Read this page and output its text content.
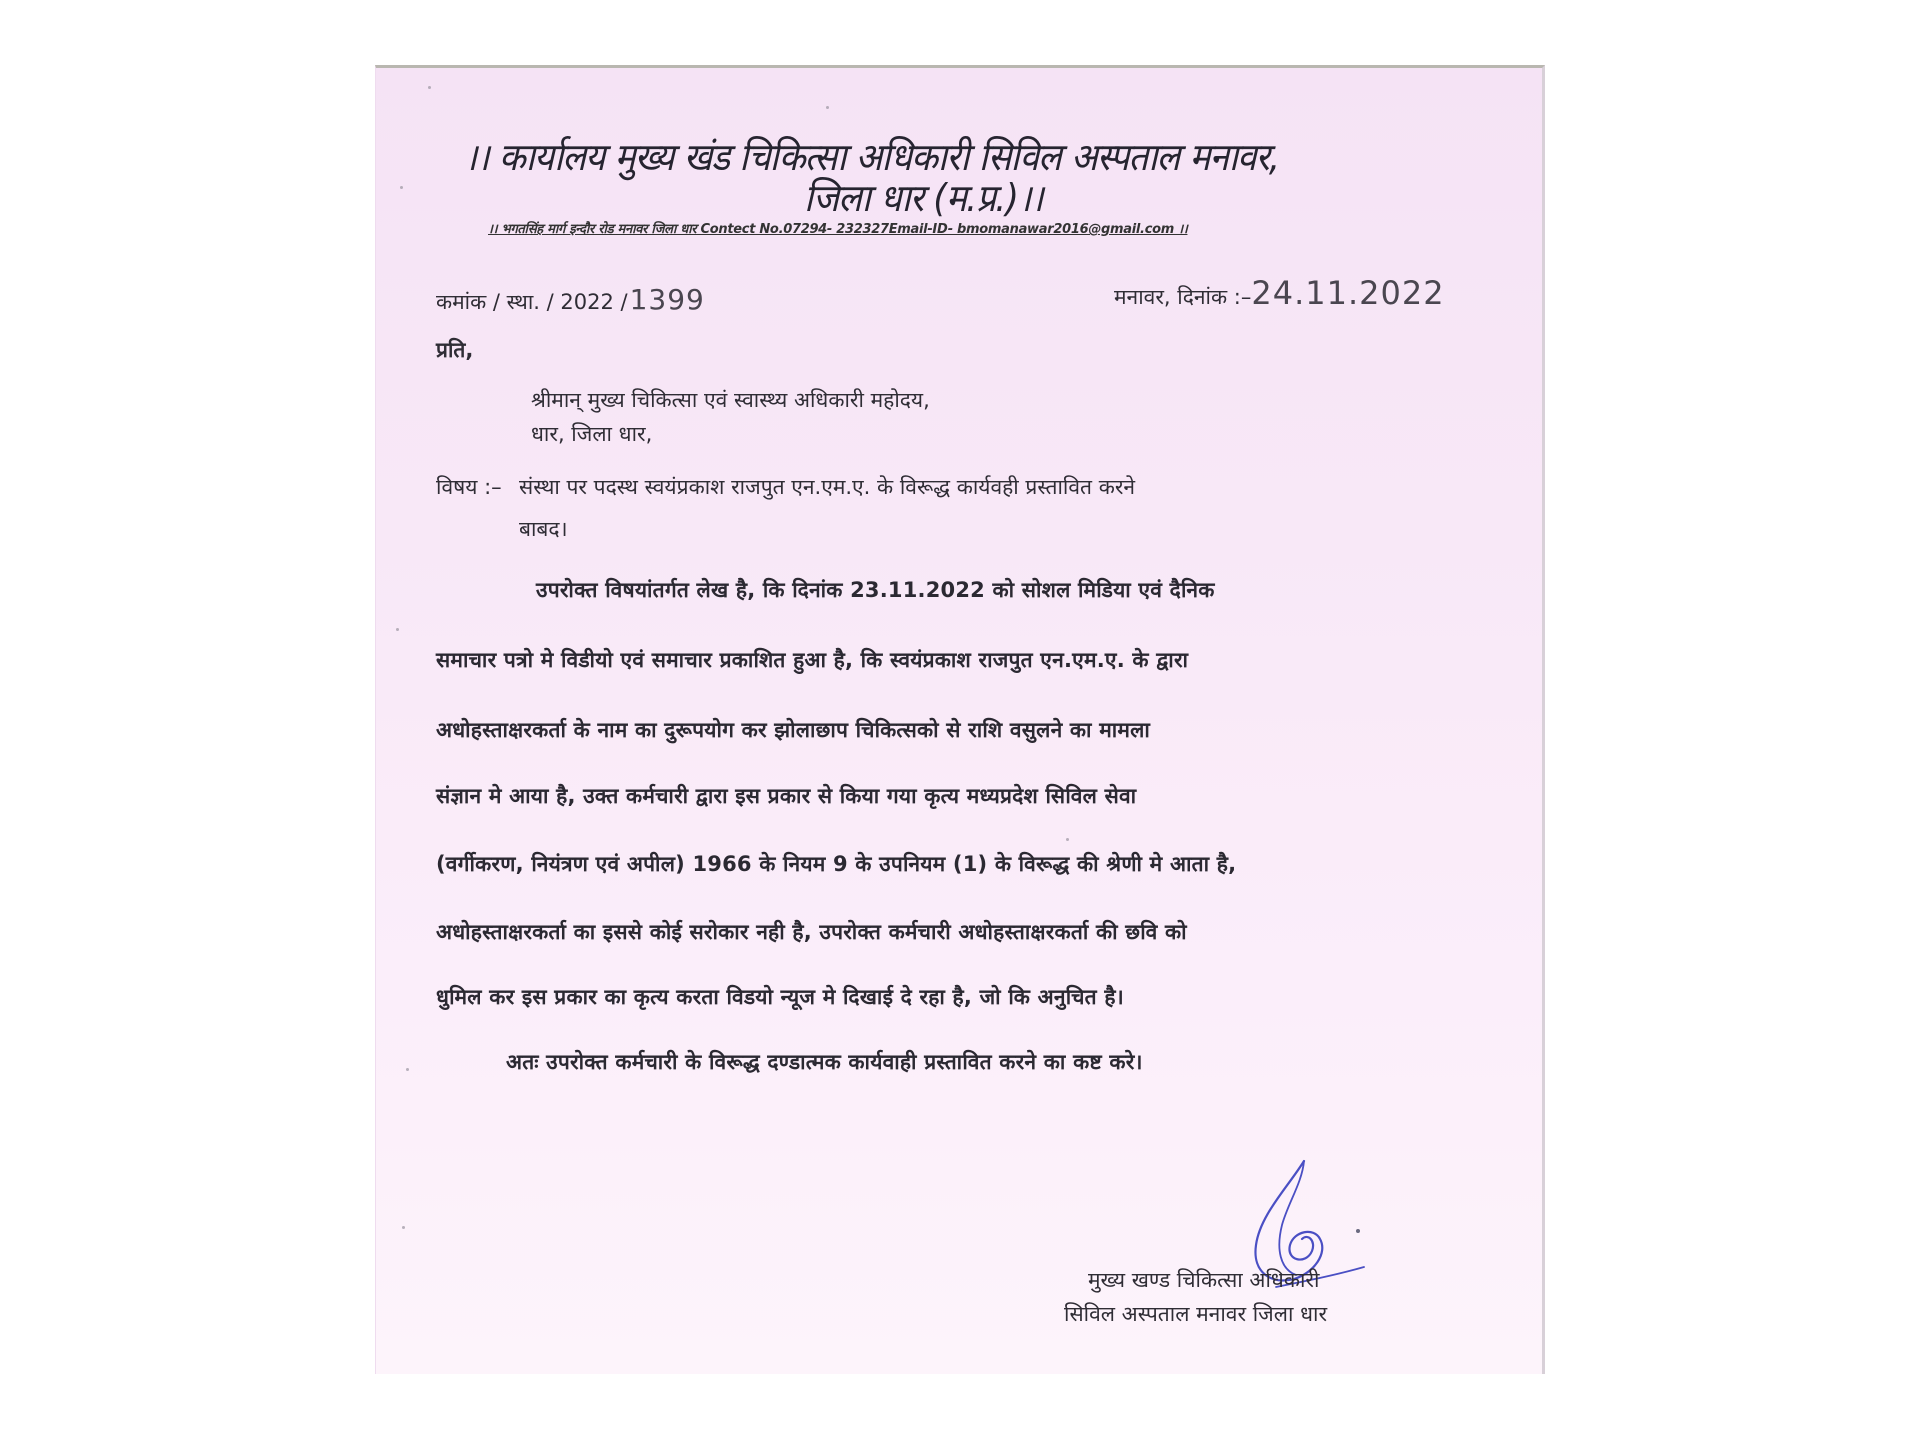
।। कार्यालय मुख्य खंड चिकित्सा अधिकारी सिविल अस्पताल मनावर,
जिला धार (म.प्र.)।।
।। भगतसिंह मार्ग इन्दौर रोड मनावर जिला धार Contect No.07294- 232327Email-ID- bmomanawar2016@gmail.com ।।
कमांक / स्था. / 2022 /1399	मनावर, दिनांक :–24.11.2022
प्रति,
श्रीमान् मुख्य चिकित्सा एवं स्वास्थ्य अधिकारी महोदय,
धार, जिला धार,
विषय :– संस्था पर पदस्थ स्वयंप्रकाश राजपुत एन.एम.ए. के विरूद्ध कार्यवही प्रस्तावित करने
बाबद।
उपरोक्त विषयांतर्गत लेख है, कि दिनांक 23.11.2022 को सोशल मिडिया एवं दैनिक
समाचार पत्रो मे विडीयो एवं समाचार प्रकाशित हुआ है, कि स्वयंप्रकाश राजपुत एन.एम.ए. के द्वारा
अधोहस्ताक्षरकर्ता के नाम का दुरूपयोग कर झोलाछाप चिकित्सको से राशि वसुलने का मामला
संज्ञान मे आया है, उक्त कर्मचारी द्वारा इस प्रकार से किया गया कृत्य मध्यप्रदेश सिविल सेवा
(वर्गीकरण, नियंत्रण एवं अपील) 1966 के नियम 9 के उपनियम (1) के विरूद्ध की श्रेणी मे आता है,
अधोहस्ताक्षरकर्ता का इससे कोई सरोकार नही है, उपरोक्त कर्मचारी अधोहस्ताक्षरकर्ता की छवि को
धुमिल कर इस प्रकार का कृत्य करता विडयो न्यूज मे दिखाई दे रहा है, जो कि अनुचित है।
अतः उपरोक्त कर्मचारी के विरूद्ध दण्डात्मक कार्यवाही प्रस्तावित करने का कष्ट करे।
मुख्य खण्ड चिकित्सा अधिकारी
सिविल अस्पताल मनावर जिला धार
